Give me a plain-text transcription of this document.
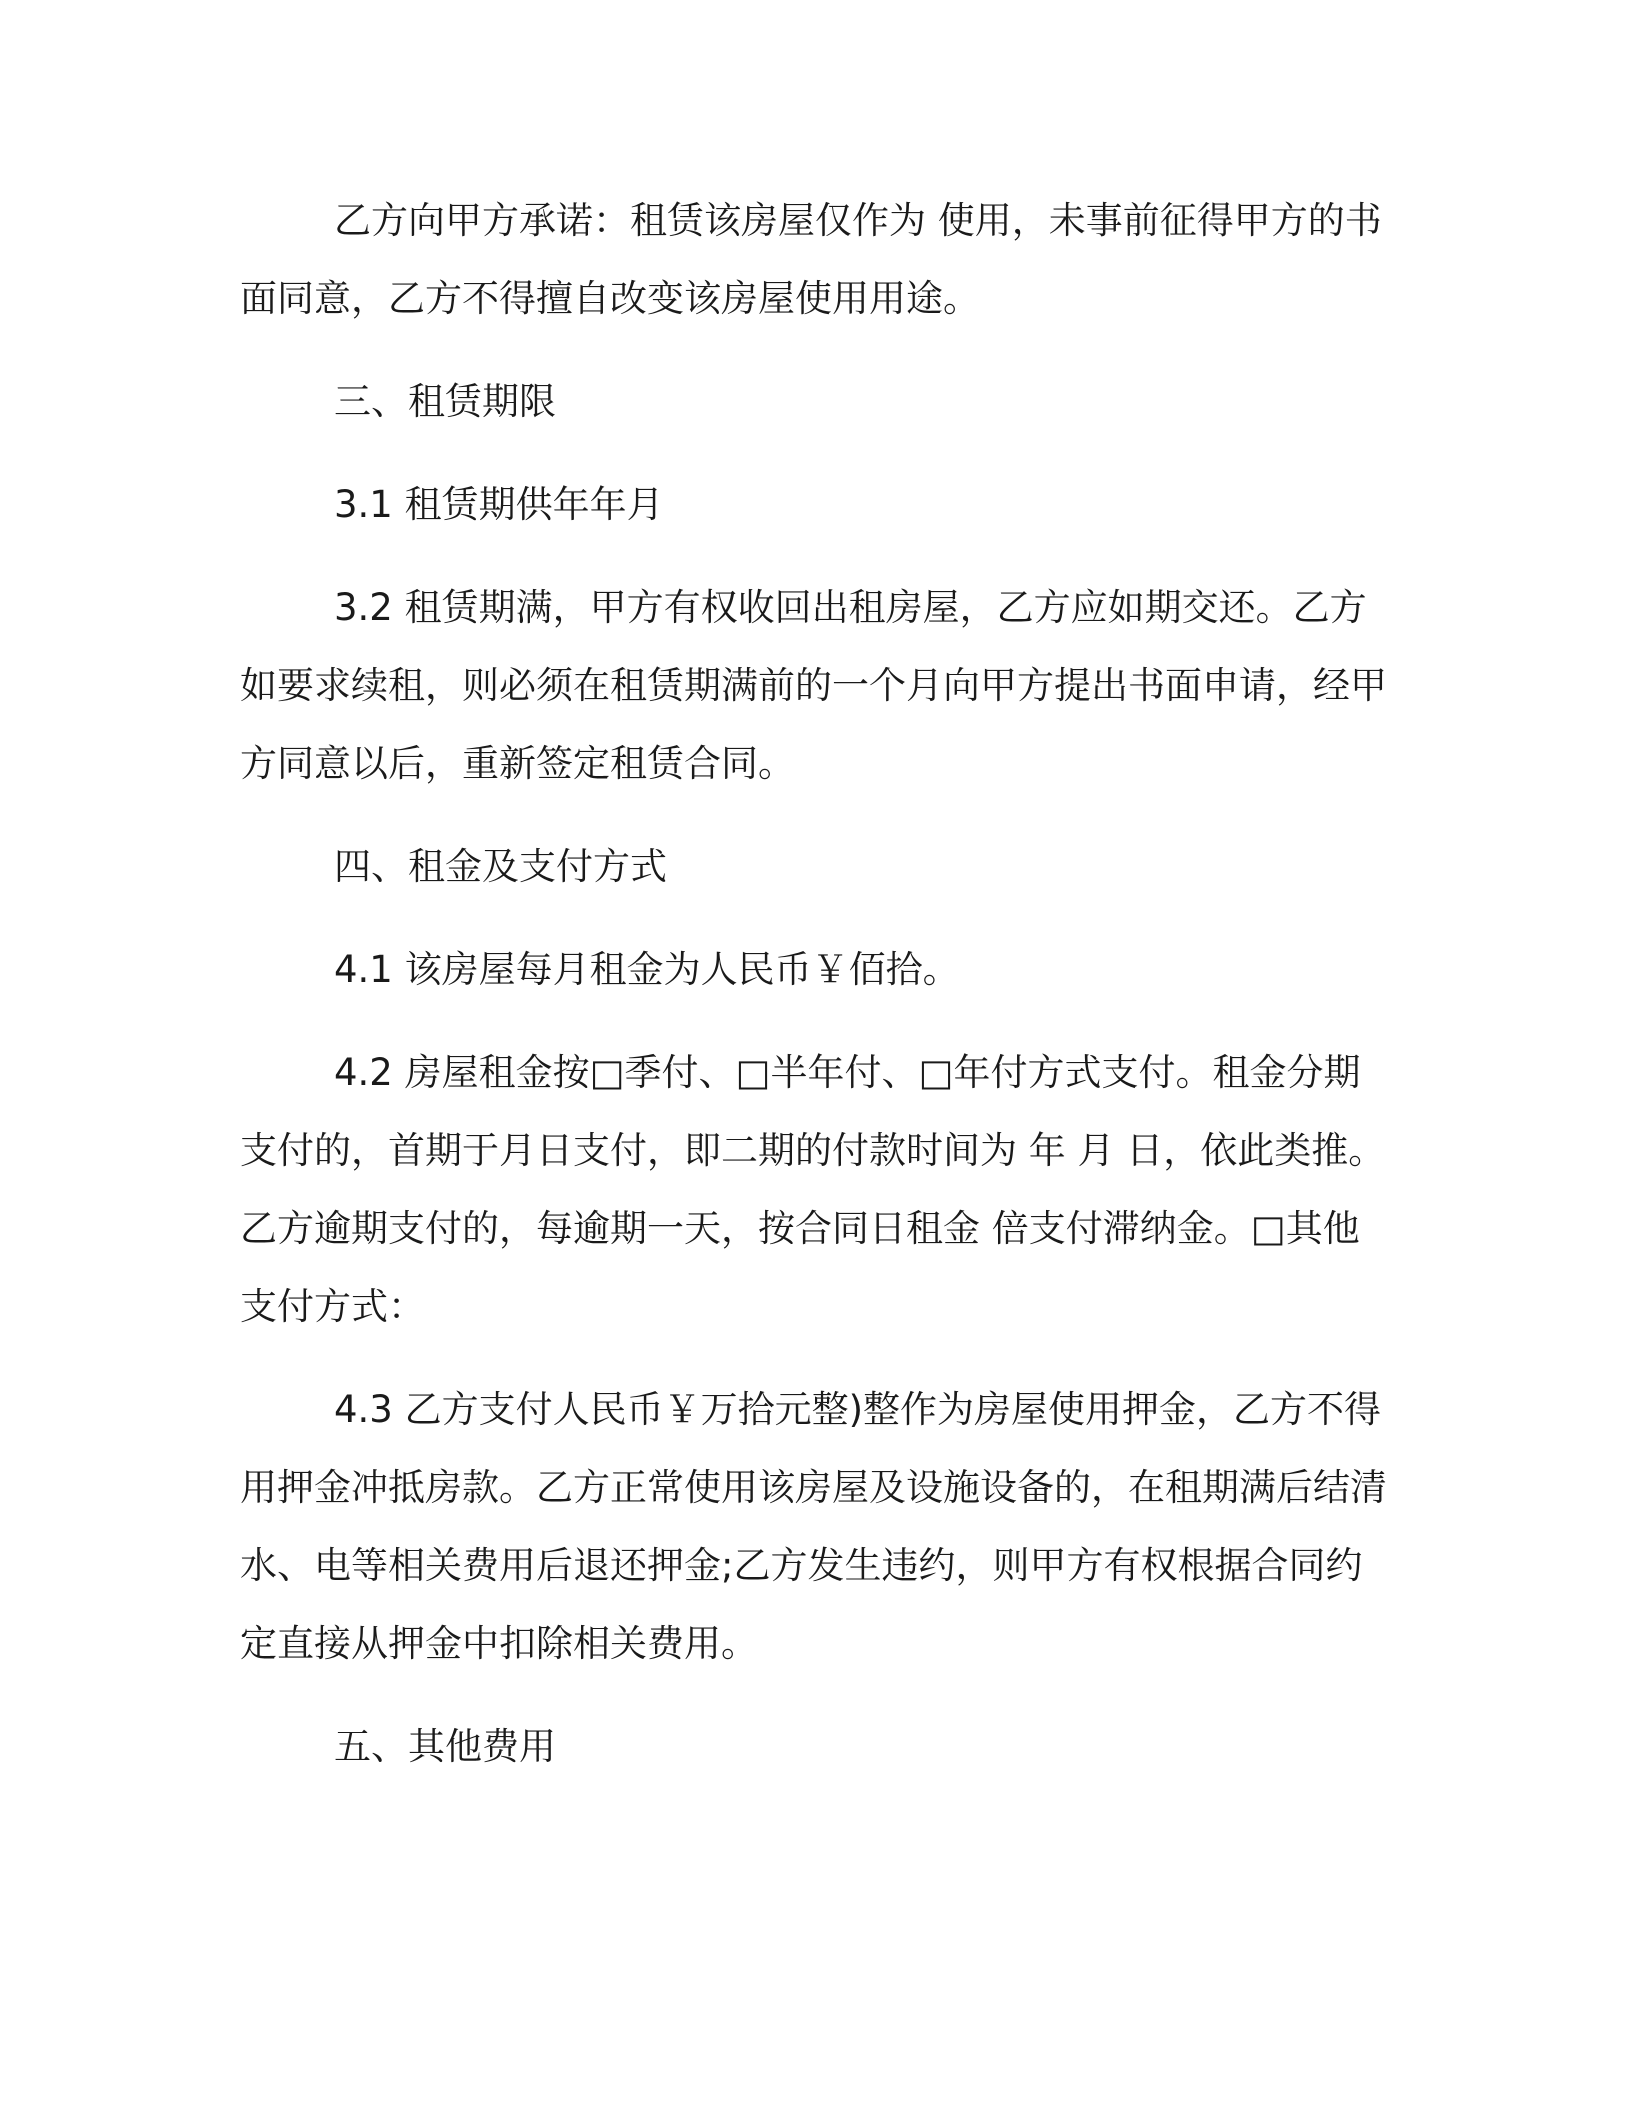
乙方向甲方承诺：租赁该房屋仅作为 使用，未事前征得甲方的书面同意，乙方不得擅自改变该房屋使用用途。

三、租赁期限

3.1 租赁期供年年月

3.2 租赁期满，甲方有权收回出租房屋，乙方应如期交还。乙方如要求续租，则必须在租赁期满前的一个月向甲方提出书面申请，经甲方同意以后，重新签定租赁合同。

四、租金及支付方式

4.1 该房屋每月租金为人民币￥佰拾。

4.2 房屋租金按□季付、□半年付、□年付方式支付。租金分期支付的，首期于月日支付，即二期的付款时间为 年 月 日，依此类推。乙方逾期支付的，每逾期一天，按合同日租金 倍支付滞纳金。□其他支付方式：

4.3 乙方支付人民币￥万拾元整)整作为房屋使用押金，乙方不得用押金冲抵房款。乙方正常使用该房屋及设施设备的，在租期满后结清水、电等相关费用后退还押金;乙方发生违约，则甲方有权根据合同约定直接从押金中扣除相关费用。

五、其他费用
